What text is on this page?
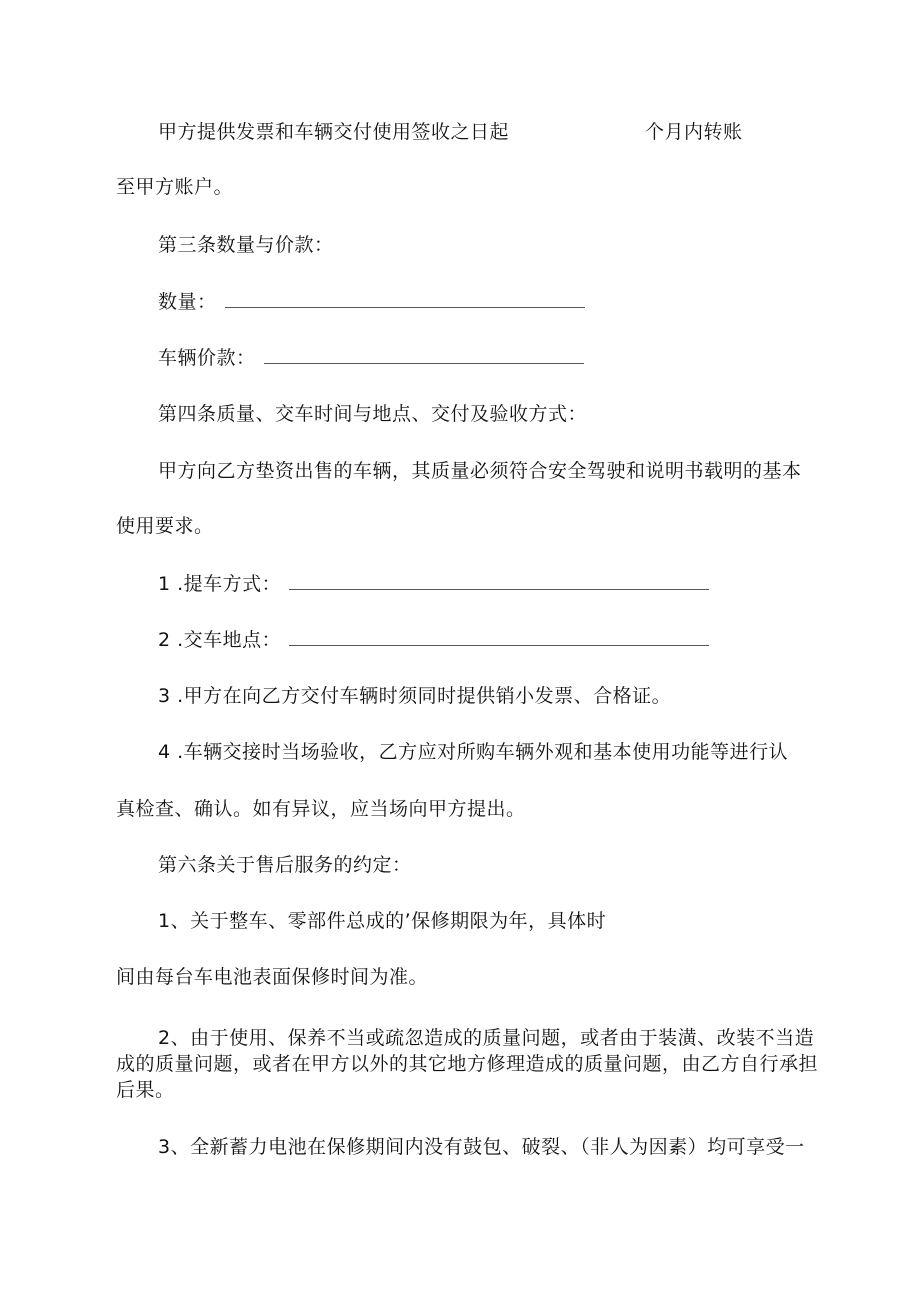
甲方提供发票和车辆交付使用签收之日起	个月内转账
至甲方账户。
第三条数量与价款：
数量：
车辆价款：
第四条质量、交车时间与地点、交付及验收方式：
甲方向乙方垫资出售的车辆，其质量必须符合安全驾驶和说明书载明的基本
使用要求。
1 .提车方式：
2 .交车地点：
3 .甲方在向乙方交付车辆时须同时提供销小发票、合格证。
4 .车辆交接时当场验收，乙方应对所购车辆外观和基本使用功能等进行认
真检查、确认。如有异议，应当场向甲方提出。
第六条关于售后服务的约定：
1、关于整车、零部件总成的’保修期限为年，具体时
间由每台车电池表面保修时间为准。
2、由于使用、保养不当或疏忽造成的质量问题，或者由于装潢、改装不当造成的质量问题，或者在甲方以外的其它地方修理造成的质量问题，由乙方自行承担后果。
3、全新蓄力电池在保修期间内没有鼓包、破裂、（非人为因素）均可享受一
